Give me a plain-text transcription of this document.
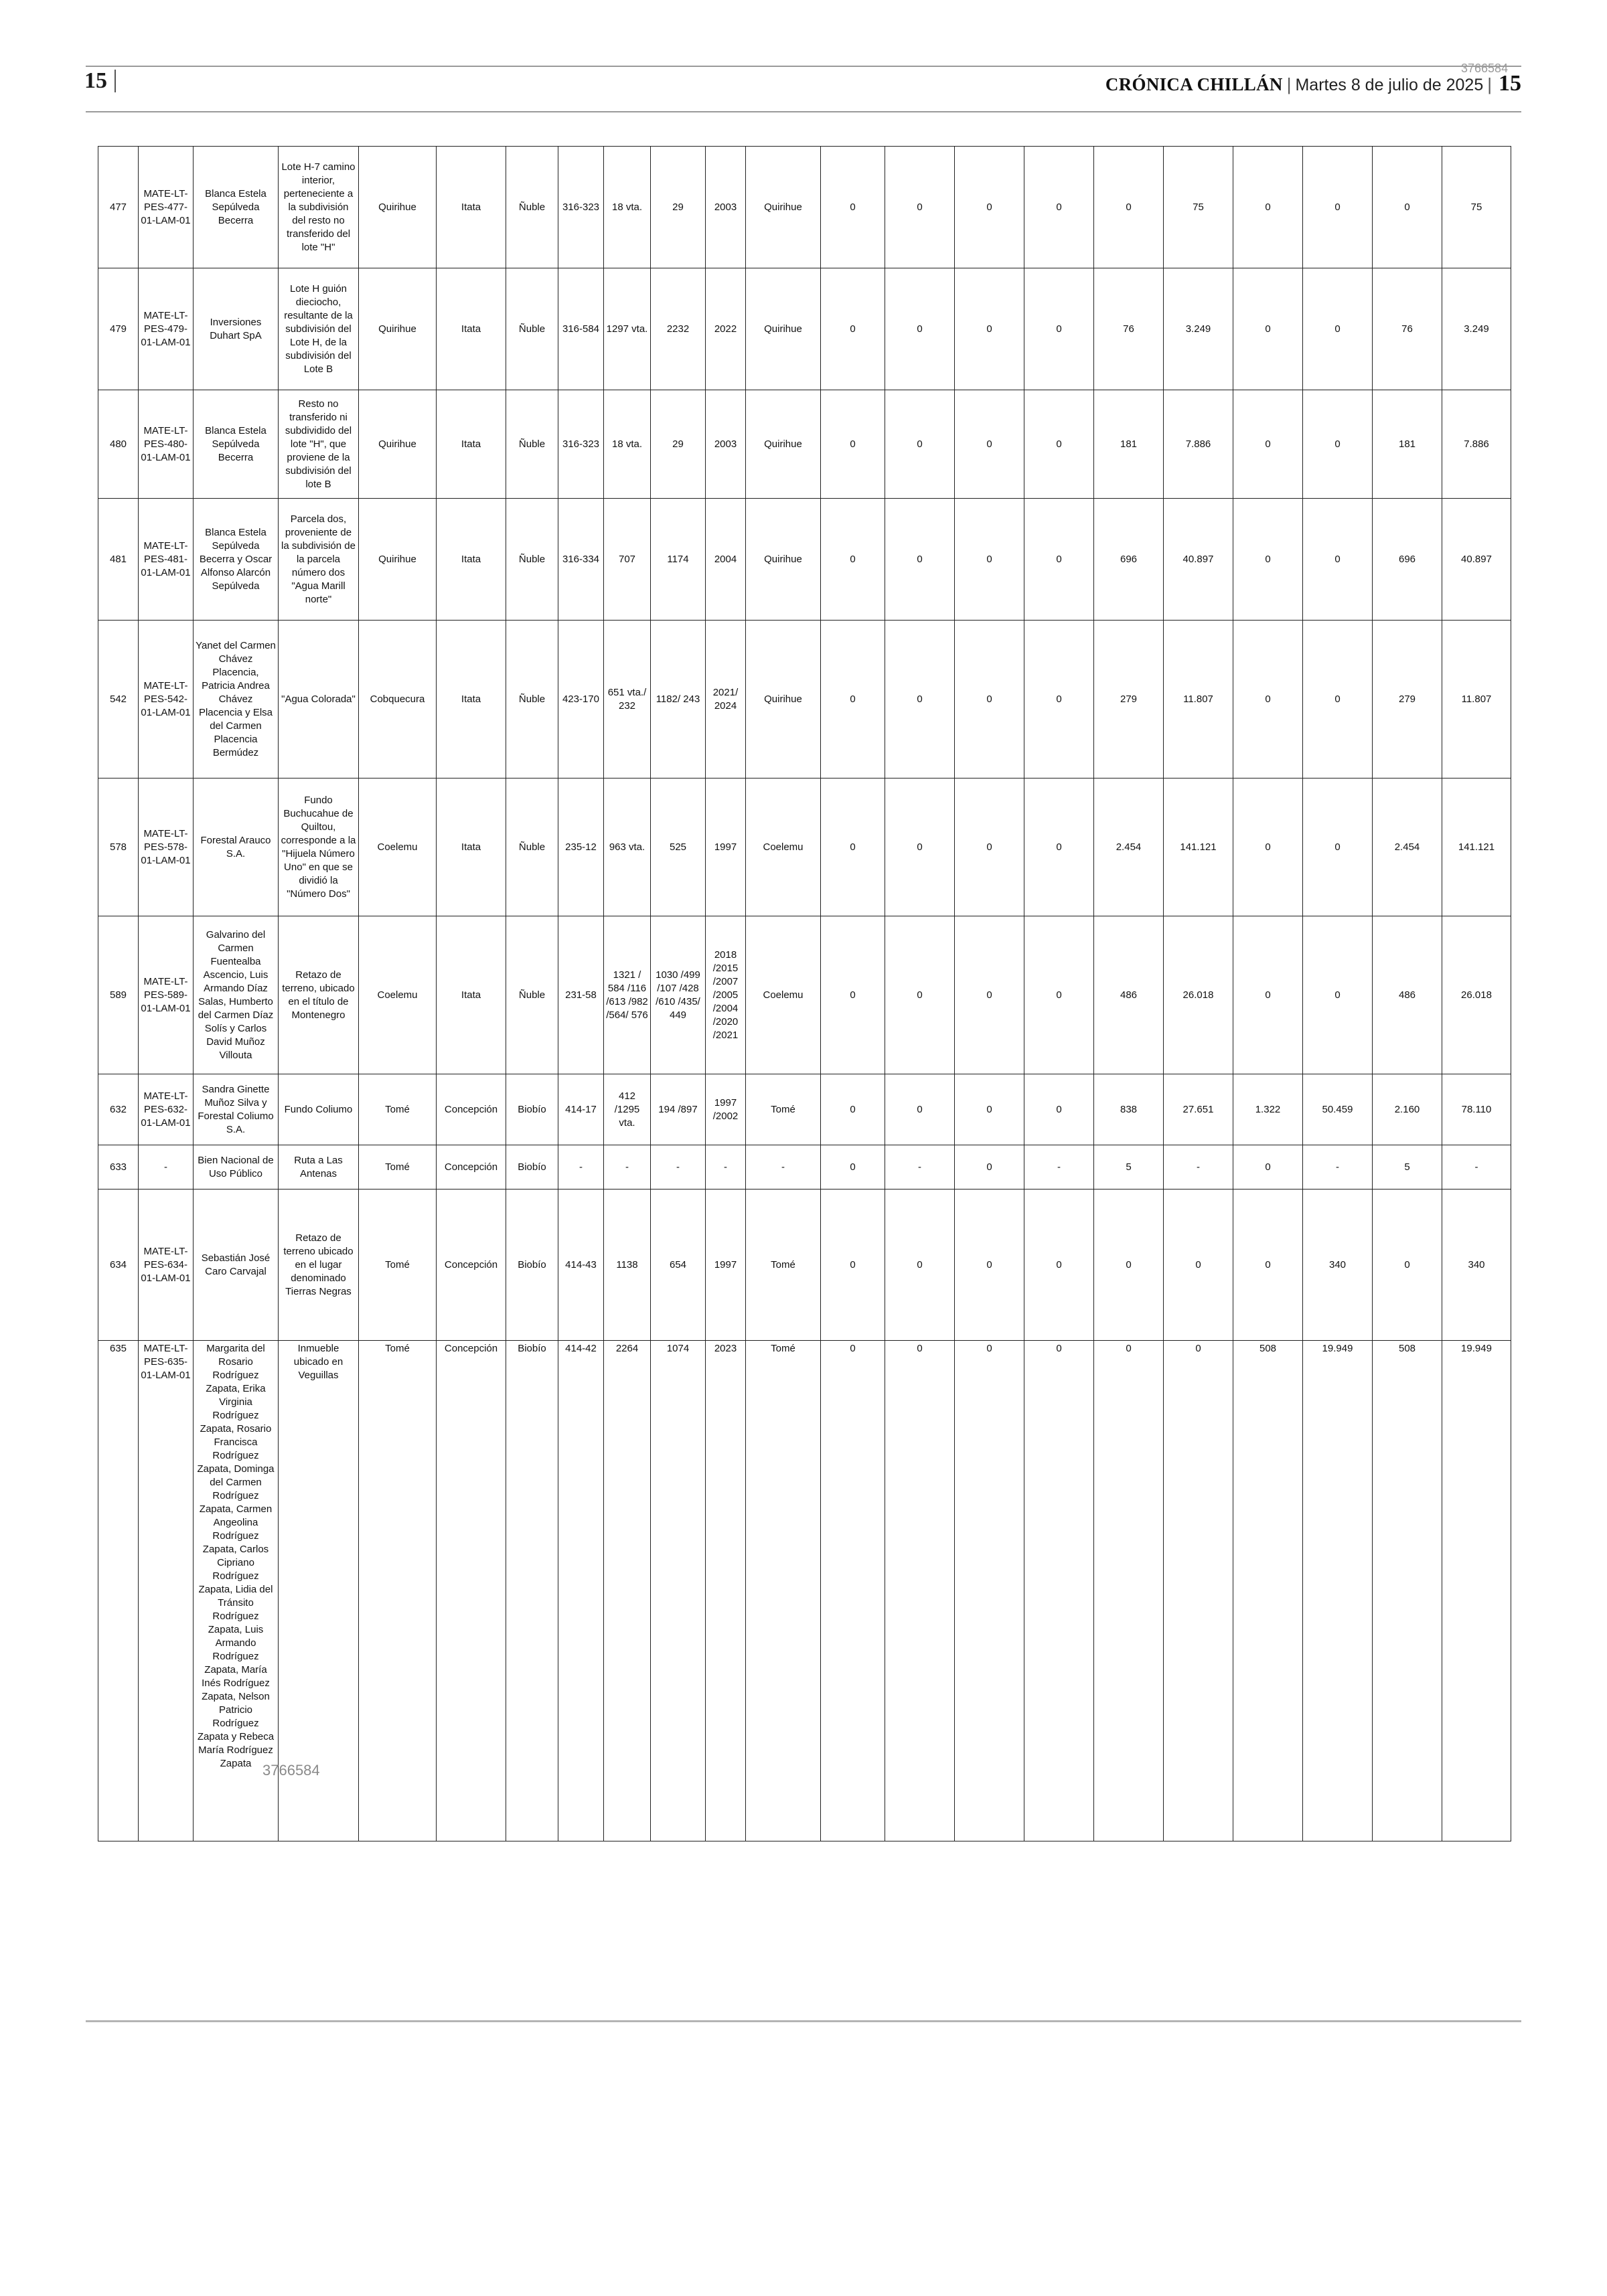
15	3766584
CRÓNICA CHILLÁN | Martes 8 de julio de 2025 | 15
477	MATE-LT-PES-477-01-LAM-01	Blanca Estela Sepúlveda Becerra	Lote H-7 camino interior, perteneciente a la subdivisión del resto no transferido del lote "H"	Quirihue	Itata	Ñuble	316-323	18 vta.	29	2003	Quirihue	0	0	0	0	0	75	0	0	0	75
479	MATE-LT-PES-479-01-LAM-01	Inversiones Duhart SpA	Lote H guión dieciocho, resultante de la subdivisión del Lote H, de la subdivisión del Lote B	Quirihue	Itata	Ñuble	316-584	1297 vta.	2232	2022	Quirihue	0	0	0	0	76	3.249	0	0	76	3.249
480	MATE-LT-PES-480-01-LAM-01	Blanca Estela Sepúlveda Becerra	Resto no transferido ni subdividido del lote "H", que proviene de la subdivisión del lote B	Quirihue	Itata	Ñuble	316-323	18 vta.	29	2003	Quirihue	0	0	0	0	181	7.886	0	0	181	7.886
481	MATE-LT-PES-481-01-LAM-01	Blanca Estela Sepúlveda Becerra y Oscar Alfonso Alarcón Sepúlveda	Parcela dos, proveniente de la subdivisión de la parcela número dos "Agua Marill norte"	Quirihue	Itata	Ñuble	316-334	707	1174	2004	Quirihue	0	0	0	0	696	40.897	0	0	696	40.897
542	MATE-LT-PES-542-01-LAM-01	Yanet del Carmen Chávez Placencia, Patricia Andrea Chávez Placencia y Elsa del Carmen Placencia Bermúdez	"Agua Colorada"	Cobquecura	Itata	Ñuble	423-170	651 vta./ 232	1182/ 243	2021/ 2024	Quirihue	0	0	0	0	279	11.807	0	0	279	11.807
578	MATE-LT-PES-578-01-LAM-01	Forestal Arauco S.A.	Fundo Buchucahue de Quiltou, corresponde a la "Hijuela Número Uno" en que se dividió la "Número Dos"	Coelemu	Itata	Ñuble	235-12	963 vta.	525	1997	Coelemu	0	0	0	0	2.454	141.121	0	0	2.454	141.121
589	MATE-LT-PES-589-01-LAM-01	Galvarino del Carmen Fuentealba Ascencio, Luis Armando Díaz Salas, Humberto del Carmen Díaz Solís y Carlos David Muñoz Villouta	Retazo de terreno, ubicado en el título de Montenegro	Coelemu	Itata	Ñuble	231-58	1321 / 584 /116 /613 /982 /564/ 576	1030 /499 /107 /428 /610 /435/ 449	2018 /2015 /2007 /2005 /2004 /2020 /2021	Coelemu	0	0	0	0	486	26.018	0	0	486	26.018
632	MATE-LT-PES-632-01-LAM-01	Sandra Ginette Muñoz Silva y Forestal Coliumo S.A.	Fundo Coliumo	Tomé	Concepción	Biobío	414-17	412 /1295 vta.	194 /897	1997 /2002	Tomé	0	0	0	0	838	27.651	1.322	50.459	2.160	78.110
633	-	Bien Nacional de Uso Público	Ruta a Las Antenas	Tomé	Concepción	Biobío	-	-	-	-	-	0	-	0	-	5	-	0	-	5	-
634	MATE-LT-PES-634-01-LAM-01	Sebastián José Caro Carvajal	Retazo de terreno ubicado en el lugar denominado Tierras Negras	Tomé	Concepción	Biobío	414-43	1138	654	1997	Tomé	0	0	0	0	0	0	0	340	0	340
635	MATE-LT-PES-635-01-LAM-01	Margarita del Rosario Rodríguez Zapata, Erika Virginia Rodríguez Zapata, Rosario Francisca Rodríguez Zapata, Dominga del Carmen Rodríguez Zapata, Carmen Angeolina Rodríguez Zapata, Carlos Cipriano Rodríguez Zapata, Lidia del Tránsito Rodríguez Zapata, Luis Armando Rodríguez Zapata, María Inés Rodríguez Zapata, Nelson Patricio Rodríguez Zapata y Rebeca María Rodríguez Zapata	Inmueble ubicado en Veguillas	Tomé	Concepción	Biobío	414-42	2264	1074	2023	Tomé	0	0	0	0	0	0	508	19.949	508	19.949
3766584
